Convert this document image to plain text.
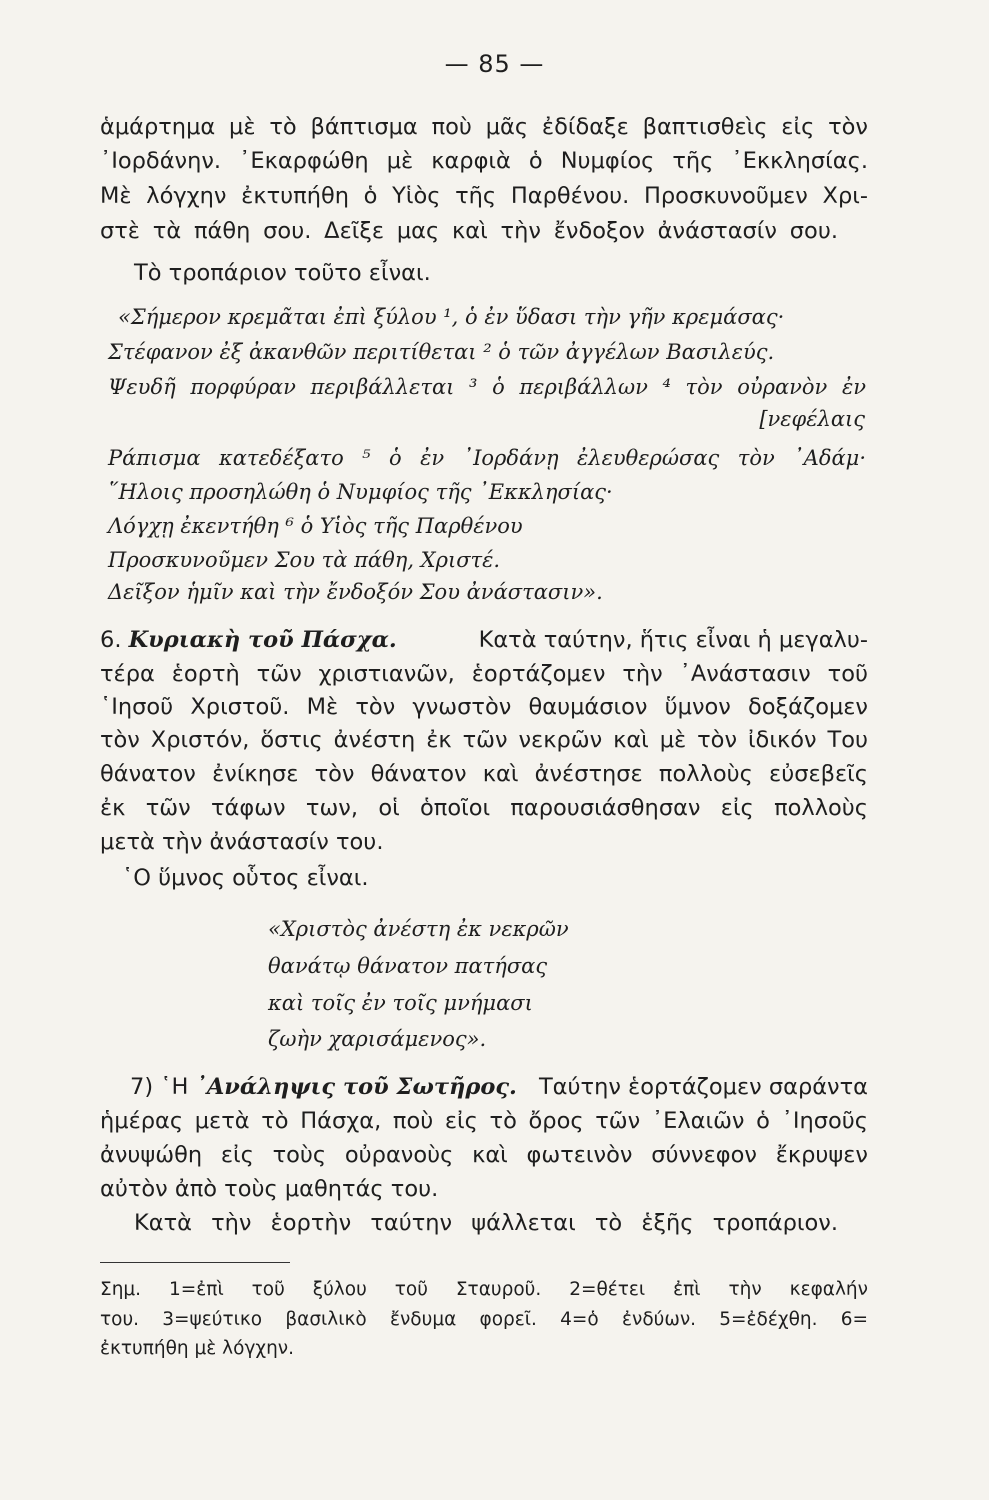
— 85 —
ἁμάρτημα μὲ τὸ βάπτισμα ποὺ μᾶς ἐδίδαξε βαπτισθεὶς εἰς τὸν
᾿Ιορδάνην. ᾿Εκαρφώθη μὲ καρφιὰ ὁ Νυμφίος τῆς ᾿Εκκλησίας.
Μὲ λόγχην ἐκτυπήθη ὁ Υἱὸς τῆς Παρθένου. Προσκυνοῦμεν Χρι-
στὲ τὰ πάθη σου. Δεῖξε μας καὶ τὴν ἔνδοξον ἀνάστασίν σου.
Τὸ τροπάριον τοῦτο εἶναι.
«Σήμερον κρεμᾶται ἐπὶ ξύλου ¹, ὁ ἐν ὕδασι τὴν γῆν κρεμάσας·
Στέφανον ἐξ ἀκανθῶν περιτίθεται ² ὁ τῶν ἀγγέλων Βασιλεύς.
Ψευδῆ πορφύραν περιβάλλεται ³ ὁ περιβάλλων ⁴ τὸν οὐρανὸν ἐν
[νεφέλαις
Ράπισμα κατεδέξατο ⁵ ὁ ἐν ᾿Ιορδάνῃ ἐλευθερώσας τὸν ᾿Αδάμ·
῞Ηλοις προσηλώθη ὁ Νυμφίος τῆς ᾿Εκκλησίας·
Λόγχῃ ἐκεντήθη ⁶ ὁ Υἱὸς τῆς Παρθένου
Προσκυνοῦμεν Σου τὰ πάθη, Χριστέ.
Δεῖξον ἡμῖν καὶ τὴν ἔνδοξόν Σου ἀνάστασιν».
6. Κυριακὴ τοῦ Πάσχα.	Κατὰ ταύτην, ἥτις εἶναι ἡ μεγαλυ-
τέρα ἑορτὴ τῶν χριστιανῶν, ἑορτάζομεν τὴν ᾿Ανάστασιν τοῦ
῾Ιησοῦ Χριστοῦ. Μὲ τὸν γνωστὸν θαυμάσιον ὕμνον δοξάζομεν
τὸν Χριστόν, ὅστις ἀνέστη ἐκ τῶν νεκρῶν καὶ μὲ τὸν ἰδικόν Του
θάνατον ἐνίκησε τὸν θάνατον καὶ ἀνέστησε πολλοὺς εὐσεβεῖς
ἐκ τῶν τάφων των, οἱ ὁποῖοι παρουσιάσθησαν εἰς πολλοὺς
μετὰ τὴν ἀνάστασίν του.
῾Ο ὕμνος οὗτος εἶναι.
«Χριστὸς ἀνέστη ἐκ νεκρῶν
θανάτῳ θάνατον πατήσας
καὶ τοῖς ἐν τοῖς μνήμασι
ζωὴν χαρισάμενος».
7) ῾Η ᾿Ανάληψις τοῦ Σωτῆρος. Ταύτην ἑορτάζομεν σαράντα
ἡμέρας μετὰ τὸ Πάσχα, ποὺ εἰς τὸ ὄρος τῶν ᾿Ελαιῶν ὁ ᾿Ιησοῦς
ἀνυψώθη εἰς τοὺς οὐρανοὺς καὶ φωτεινὸν σύννεφον ἔκρυψεν
αὐτὸν ἀπὸ τοὺς μαθητάς του.
Κατὰ τὴν ἑορτὴν ταύτην ψάλλεται τὸ ἑξῆς τροπάριον.
Σημ. 1=ἐπὶ τοῦ ξύλου τοῦ Σταυροῦ. 2=θέτει ἐπὶ τὴν κεφαλήν
του. 3=ψεύτικο βασιλικὸ ἔνδυμα φορεῖ. 4=ὁ ἐνδύων. 5=ἐδέχθη. 6=
ἐκτυπήθη μὲ λόγχην.
